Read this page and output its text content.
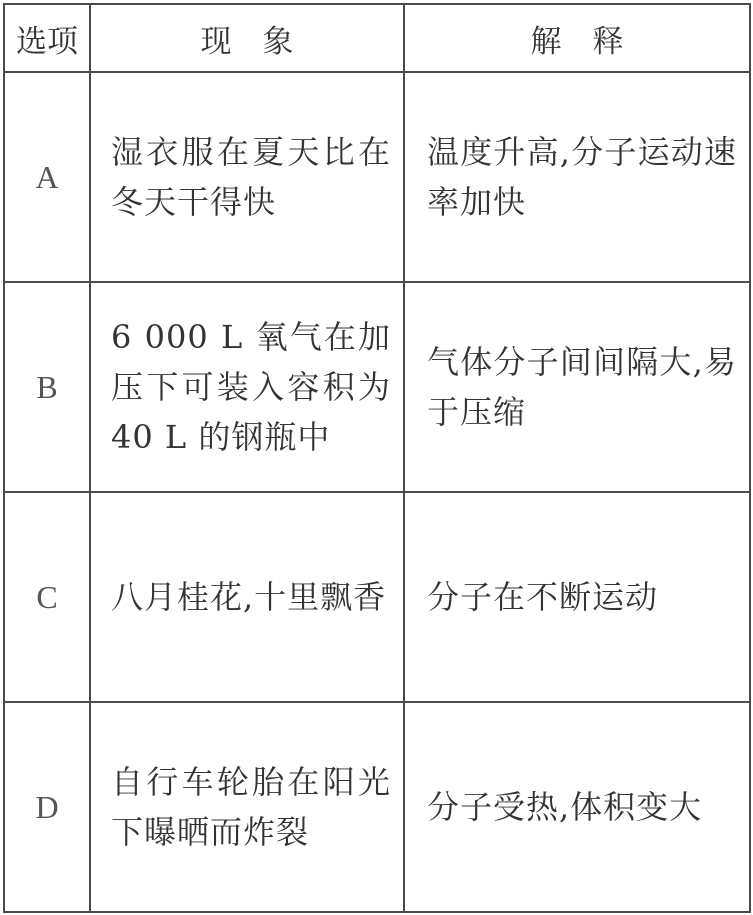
选项	现　象	解　释
A	湿衣服在夏天比在冬天干得快	温度升高,分子运动速率加快
B	6 000 L 氧气在加压下可装入容积为40 L 的钢瓶中	气体分子间间隔大,易于压缩
C	八月桂花,十里飘香	分子在不断运动
D	自行车轮胎在阳光下曝晒而炸裂	分子受热,体积变大
